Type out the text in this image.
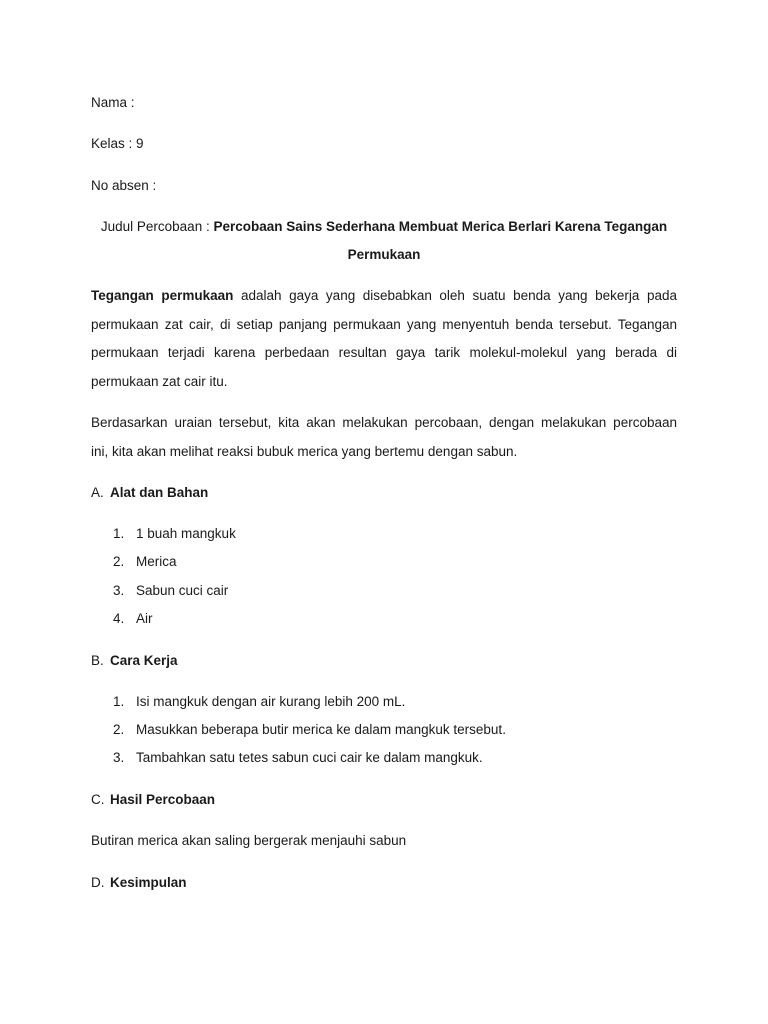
Nama :
Kelas : 9
No absen :
Judul Percobaan : Percobaan Sains Sederhana Membuat Merica Berlari Karena Tegangan
Permukaan
Tegangan permukaan adalah gaya yang disebabkan oleh suatu benda yang bekerja pada
permukaan zat cair, di setiap panjang permukaan yang menyentuh benda tersebut. Tegangan
permukaan terjadi karena perbedaan resultan gaya tarik molekul-molekul yang berada di
permukaan zat cair itu.
Berdasarkan uraian tersebut, kita akan melakukan percobaan, dengan melakukan percobaan
ini, kita akan melihat reaksi bubuk merica yang bertemu dengan sabun.
A. Alat dan Bahan
1. 1 buah mangkuk
2. Merica
3. Sabun cuci cair
4. Air
B. Cara Kerja
1. Isi mangkuk dengan air kurang lebih 200 mL.
2. Masukkan beberapa butir merica ke dalam mangkuk tersebut.
3. Tambahkan satu tetes sabun cuci cair ke dalam mangkuk.
C. Hasil Percobaan
Butiran merica akan saling bergerak menjauhi sabun
D. Kesimpulan
